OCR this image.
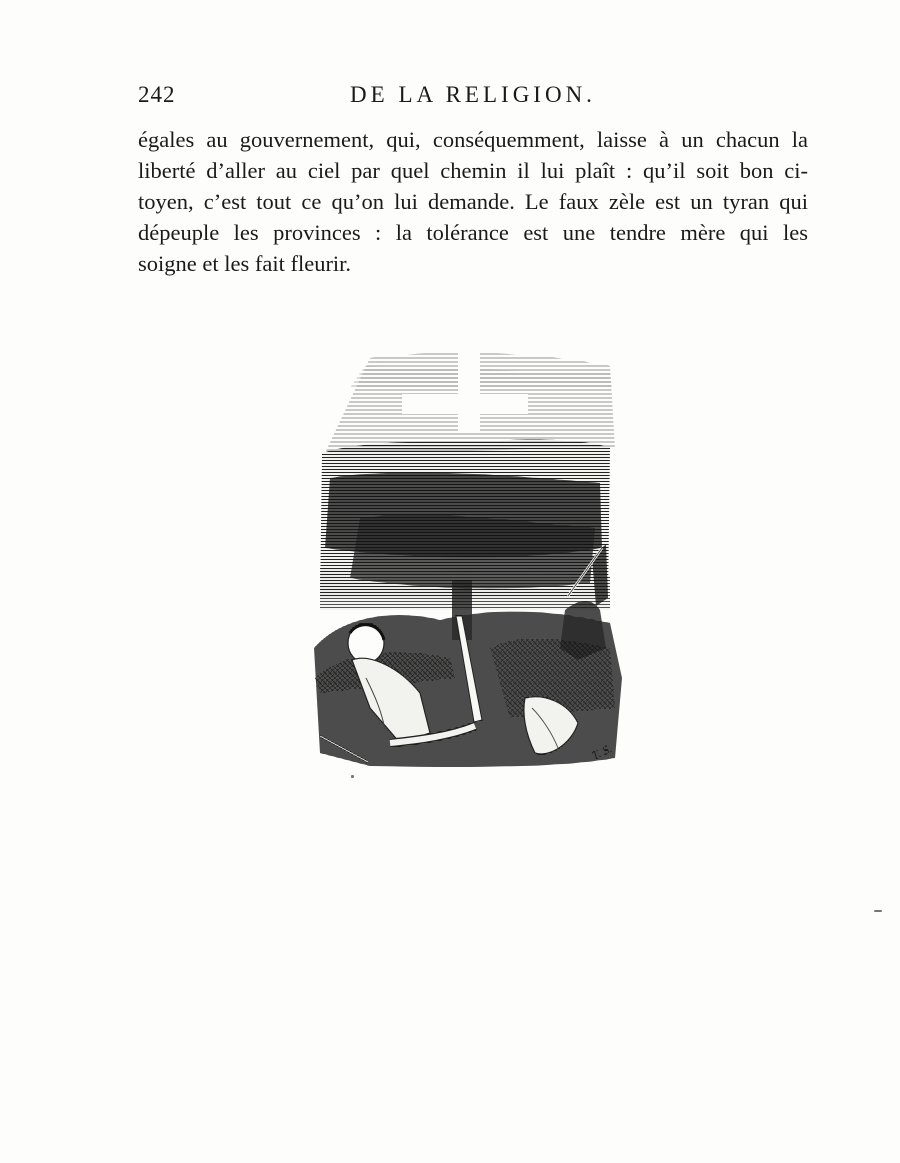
242	DE LA RELIGION.
égales au gouvernement, qui, conséquemment, laisse à un chacun la
liberté d’aller au ciel par quel chemin il lui plaît : qu’il soit bon ci-
toyen, c’est tout ce qu’on lui demande. Le faux zèle est un tyran qui
dépeuple les provinces : la tolérance est une tendre mère qui les
soigne et les fait fleurir.
T. S.
